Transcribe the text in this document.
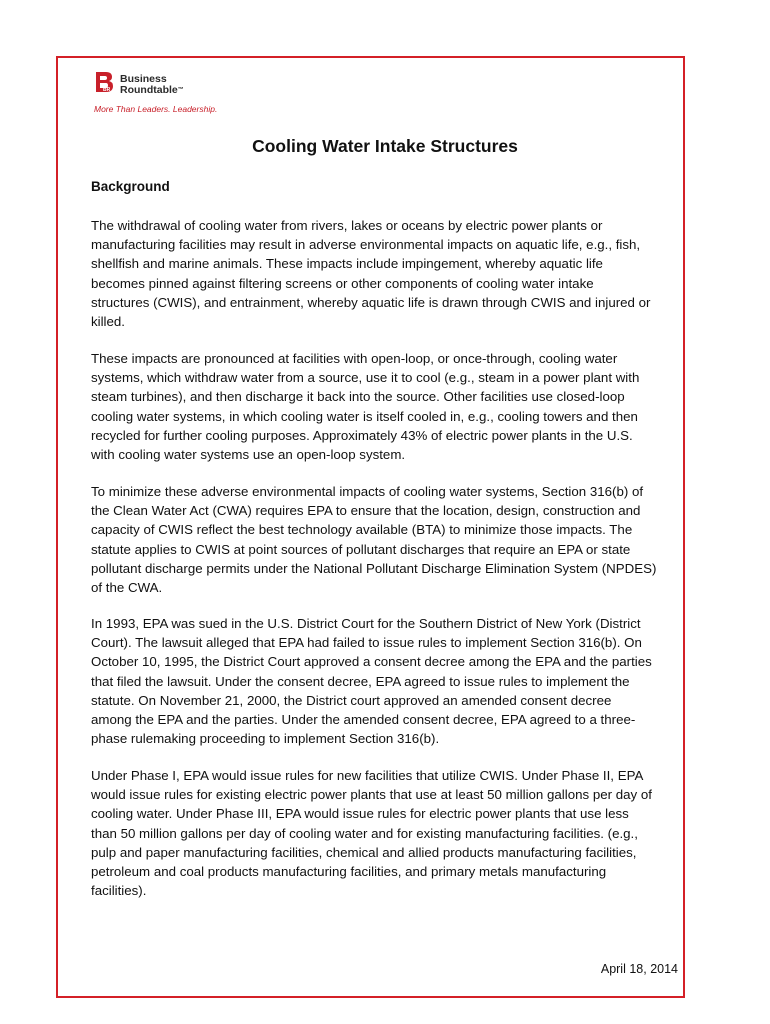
BR
Business
Roundtable™
More Than Leaders. Leadership.
Cooling Water Intake Structures
Background

The withdrawal of cooling water from rivers, lakes or oceans by electric power plants or
manufacturing facilities may result in adverse environmental impacts on aquatic life, e.g., fish,
shellfish and marine animals. These impacts include impingement, whereby aquatic life
becomes pinned against filtering screens or other components of cooling water intake
structures (CWIS), and entrainment, whereby aquatic life is drawn through CWIS and injured or
killed.

These impacts are pronounced at facilities with open-loop, or once-through, cooling water
systems, which withdraw water from a source, use it to cool (e.g., steam in a power plant with
steam turbines), and then discharge it back into the source. Other facilities use closed-loop
cooling water systems, in which cooling water is itself cooled in, e.g., cooling towers and then
recycled for further cooling purposes. Approximately 43% of electric power plants in the U.S.
with cooling water systems use an open-loop system.

To minimize these adverse environmental impacts of cooling water systems, Section 316(b) of
the Clean Water Act (CWA) requires EPA to ensure that the location, design, construction and
capacity of CWIS reflect the best technology available (BTA) to minimize those impacts. The
statute applies to CWIS at point sources of pollutant discharges that require an EPA or state
pollutant discharge permits under the National Pollutant Discharge Elimination System (NPDES)
of the CWA.

In 1993, EPA was sued in the U.S. District Court for the Southern District of New York (District
Court). The lawsuit alleged that EPA had failed to issue rules to implement Section 316(b). On
October 10, 1995, the District Court approved a consent decree among the EPA and the parties
that filed the lawsuit. Under the consent decree, EPA agreed to issue rules to implement the
statute. On November 21, 2000, the District court approved an amended consent decree
among the EPA and the parties. Under the amended consent decree, EPA agreed to a three-
phase rulemaking proceeding to implement Section 316(b).

Under Phase I, EPA would issue rules for new facilities that utilize CWIS. Under Phase II, EPA
would issue rules for existing electric power plants that use at least 50 million gallons per day of
cooling water. Under Phase III, EPA would issue rules for electric power plants that use less
than 50 million gallons per day of cooling water and for existing manufacturing facilities. (e.g.,
pulp and paper manufacturing facilities, chemical and allied products manufacturing facilities,
petroleum and coal products manufacturing facilities, and primary metals manufacturing
facilities).

April 18, 2014
